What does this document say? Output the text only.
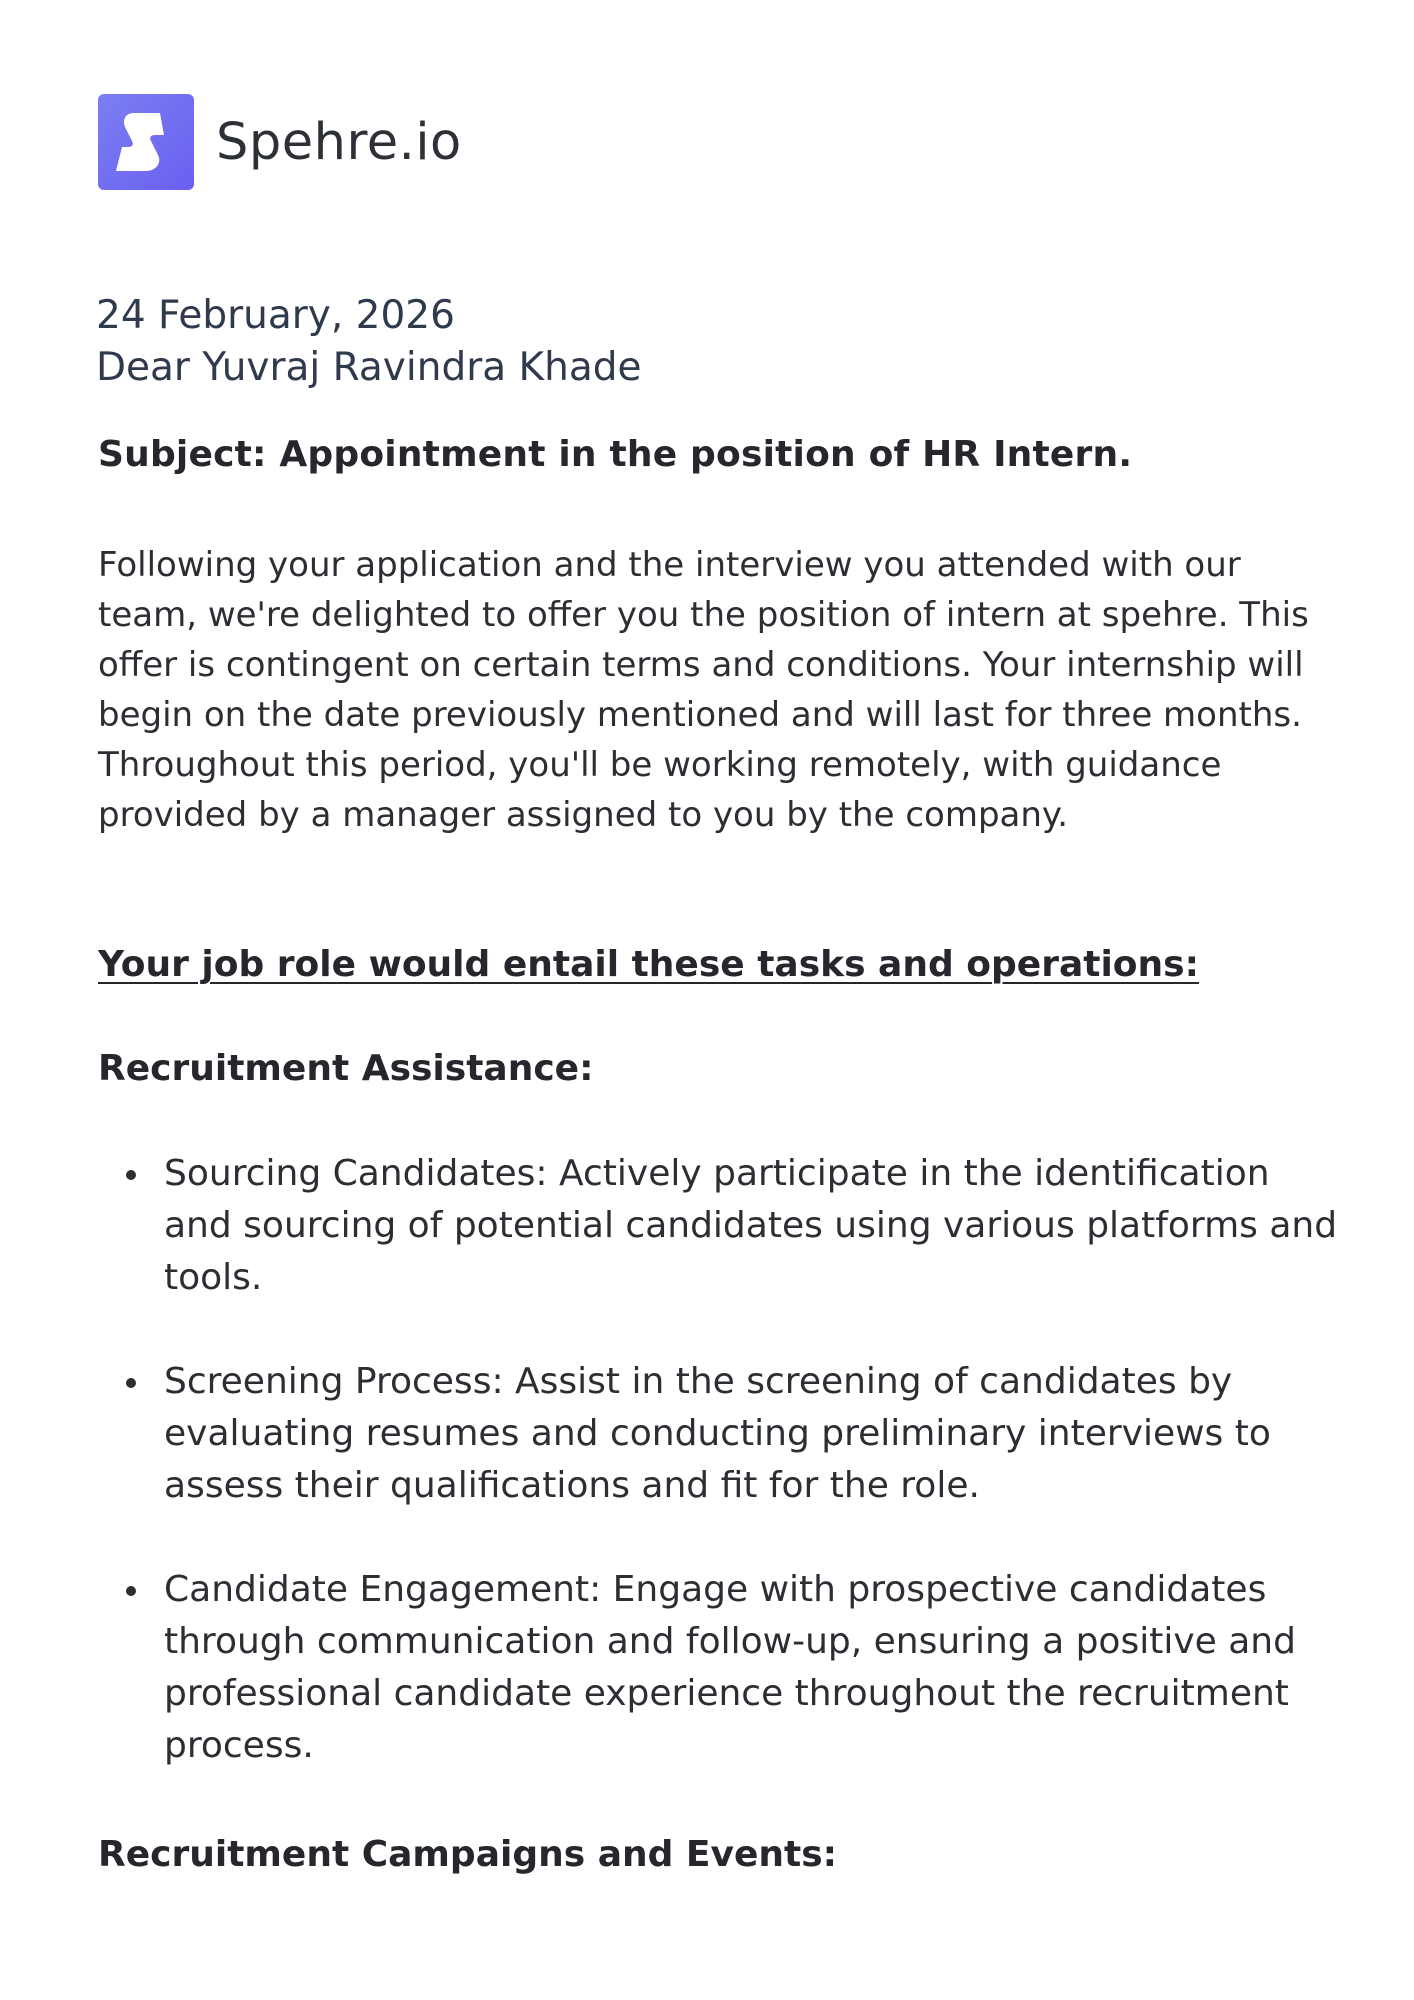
Spehre.io
24 February, 2026
Dear Yuvraj Ravindra Khade
Subject: Appointment in the position of HR Intern.
Following your application and the interview you attended with our team, we're delighted to offer you the position of intern at spehre. This offer is contingent on certain terms and conditions. Your internship will begin on the date previously mentioned and will last for three months. Throughout this period, you'll be working remotely, with guidance provided by a manager assigned to you by the company.
Your job role would entail these tasks and operations:
Recruitment Assistance:
Sourcing Candidates: Actively participate in the identification and sourcing of potential candidates using various platforms and tools.
Screening Process: Assist in the screening of candidates by evaluating resumes and conducting preliminary interviews to assess their qualifications and fit for the role.
Candidate Engagement: Engage with prospective candidates through communication and follow-up, ensuring a positive and professional candidate experience throughout the recruitment process.
Recruitment Campaigns and Events:
